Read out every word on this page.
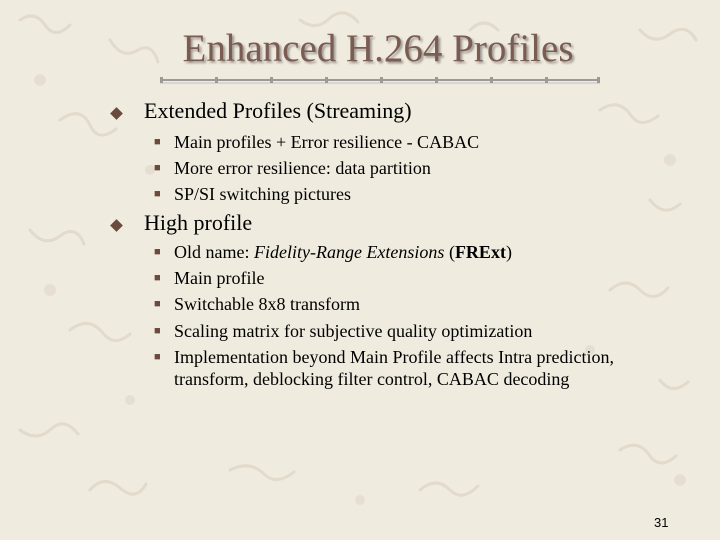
Enhanced H.264 Profiles
Extended Profiles (Streaming)
■ Main profiles + Error resilience - CABAC
■ More error resilience: data partition
■ SP/SI switching pictures
High profile
■ Old name: Fidelity-Range Extensions (FRExt)
■ Main profile
■ Switchable 8x8 transform
■ Scaling matrix for subjective quality optimization
■ Implementation beyond Main Profile affects Intra prediction, transform, deblocking filter control, CABAC decoding
31
